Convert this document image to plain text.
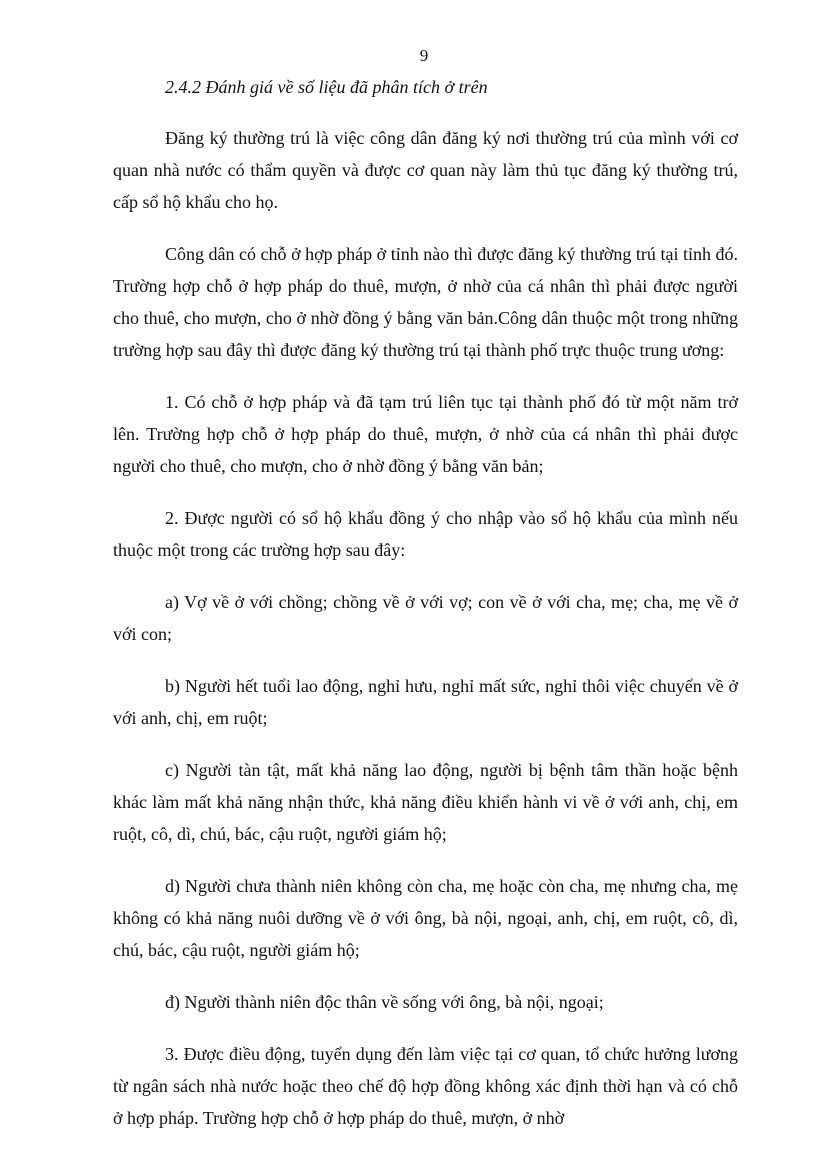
9

2.4.2 Đánh giá về số liệu đã phân tích ở trên

Đăng ký thường trú là việc công dân đăng ký nơi thường trú của mình với cơ quan nhà nước có thẩm quyền và được cơ quan này làm thủ tục đăng ký thường trú, cấp sổ hộ khẩu cho họ.

Công dân có chỗ ở hợp pháp ở tỉnh nào thì được đăng ký thường trú tại tỉnh đó. Trường hợp chỗ ở hợp pháp do thuê, mượn, ở nhờ của cá nhân thì phải được người cho thuê, cho mượn, cho ở nhờ đồng ý bằng văn bản.Công dân thuộc một trong những trường hợp sau đây thì được đăng ký thường trú tại thành phố trực thuộc trung ương:

1. Có chỗ ở hợp pháp và đã tạm trú liên tục tại thành phố đó từ một năm trở lên. Trường hợp chỗ ở hợp pháp do thuê, mượn, ở nhờ của cá nhân thì phải được người cho thuê, cho mượn, cho ở nhờ đồng ý bằng văn bản;

2. Được người có sổ hộ khẩu đồng ý cho nhập vào sổ hộ khẩu của mình nếu thuộc một trong các trường hợp sau đây:

a) Vợ về ở với chồng; chồng về ở với vợ; con về ở với cha, mẹ; cha, mẹ về ở với con;

b) Người hết tuổi lao động, nghỉ hưu, nghỉ mất sức, nghỉ thôi việc chuyển về ở với anh, chị, em ruột;

c) Người tàn tật, mất khả năng lao động, người bị bệnh tâm thần hoặc bệnh khác làm mất khả năng nhận thức, khả năng điều khiển hành vi về ở với anh, chị, em ruột, cô, dì, chú, bác, cậu ruột, người giám hộ;

d) Người chưa thành niên không còn cha, mẹ hoặc còn cha, mẹ nhưng cha, mẹ không có khả năng nuôi dưỡng về ở với ông, bà nội, ngoại, anh, chị, em ruột, cô, dì, chú, bác, cậu ruột, người giám hộ;

đ) Người thành niên độc thân về sống với ông, bà nội, ngoại;

3. Được điều động, tuyển dụng đến làm việc tại cơ quan, tổ chức hưởng lương từ ngân sách nhà nước hoặc theo chế độ hợp đồng không xác định thời hạn và có chỗ ở hợp pháp. Trường hợp chỗ ở hợp pháp do thuê, mượn, ở nhờ
